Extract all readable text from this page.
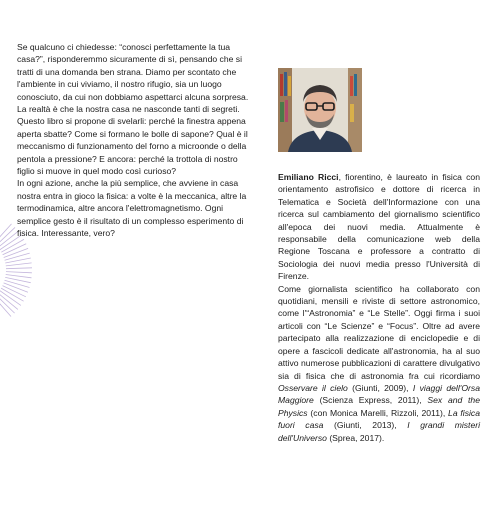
Se qualcuno ci chiedesse: “conosci perfettamente la tua casa?”, risponderemmo sicuramente di sì, pensando che si tratti di una domanda ben strana. Diamo per scontato che l'ambiente in cui viviamo, il nostro rifugio, sia un luogo conosciuto, da cui non dobbiamo aspettarci alcuna sorpresa. La realtà è che la nostra casa ne nasconde tanti di segreti. Questo libro si propone di svelarli: perché la finestra appena aperta sbatte? Come si formano le bolle di sapone? Qual è il meccanismo di funzionamento del forno a microonde o della pentola a pressione? E ancora: perché la trottola di nostro figlio si muove in quel modo così curioso?

In ogni azione, anche la più semplice, che avviene in casa nostra entra in gioco la fisica: a volte è la meccanica, altre la termodinamica, altre ancora l'elettromagnetismo. Ogni semplice gesto è il risultato di un complesso esperimento di fisica. Interessante, vero?

Emiliano Ricci, fiorentino, è laureato in fisica con orientamento astrofisico e dottore di ricerca in Telematica e Società dell'Informazione con una ricerca sul cambiamento del giornalismo scientifico all'epoca dei nuovi media. Attualmente è responsabile della comunicazione web della Regione Toscana e professore a contratto di Sociologia dei nuovi media presso l'Università di Firenze.

Come giornalista scientifico ha collaborato con quotidiani, mensili e riviste di settore astronomico, come l'“Astronomia” e “Le Stelle”. Oggi firma i suoi articoli con “Le Scienze” e “Focus”. Oltre ad avere partecipato alla realizzazione di enciclopedie e di opere a fascicoli dedicate all'astronomia, ha al suo attivo numerose pubblicazioni di carattere divulgativo sia di fisica che di astronomia fra cui ricordiamo Osservare il cielo (Giunti, 2009), I viaggi dell'Orsa Maggiore (Scienza Express, 2011), Sex and the Physics (con Monica Marelli, Rizzoli, 2011), La fisica fuori casa (Giunti, 2013), I grandi misteri dell'Universo (Sprea, 2017).
